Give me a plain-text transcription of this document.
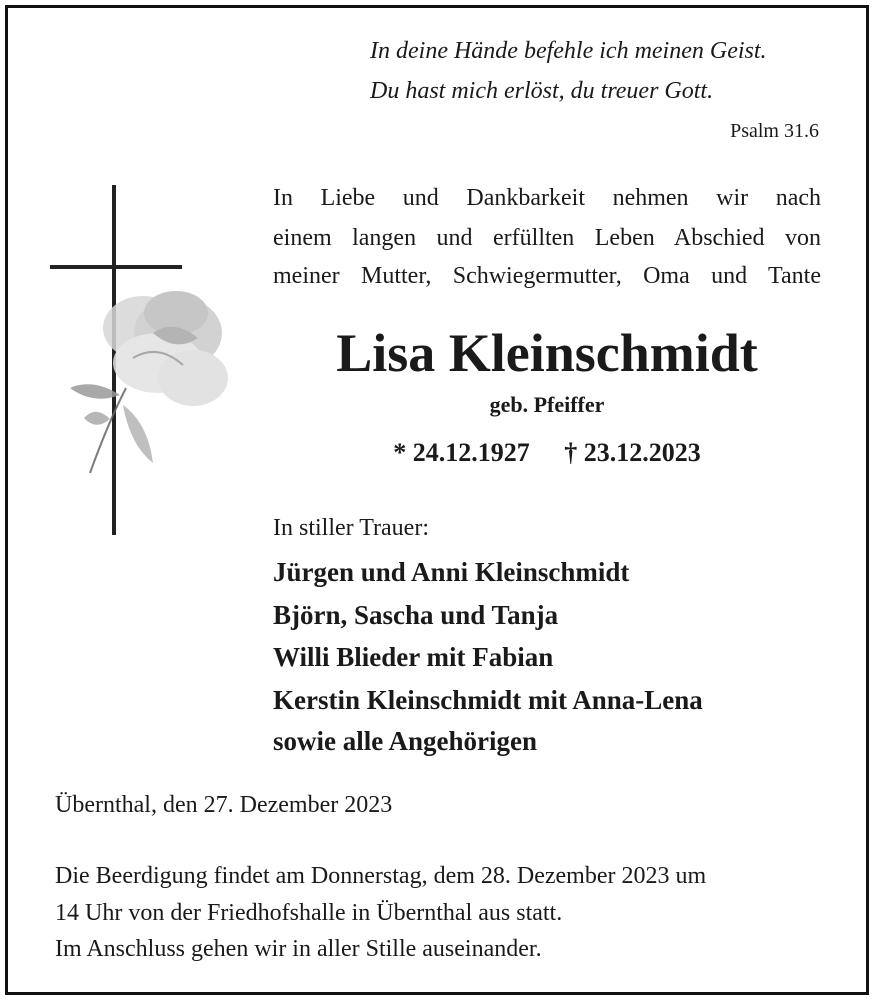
In deine Hände befehle ich meinen Geist.
Du hast mich erlöst, du treuer Gott.
Psalm 31.6
In Liebe und Dankbarkeit nehmen wir nach
einem langen und erfüllten Leben Abschied von
meiner Mutter, Schwiegermutter, Oma und Tante
Lisa Kleinschmidt
geb. Pfeiffer
* 24.12.1927 † 23.12.2023
In stiller Trauer:
Jürgen und Anni Kleinschmidt
Björn, Sascha und Tanja
Willi Blieder mit Fabian
Kerstin Kleinschmidt mit Anna-Lena
sowie alle Angehörigen
Übernthal, den 27. Dezember 2023
Die Beerdigung findet am Donnerstag, dem 28. Dezember 2023 um
14 Uhr von der Friedhofshalle in Übernthal aus statt.
Im Anschluss gehen wir in aller Stille auseinander.
